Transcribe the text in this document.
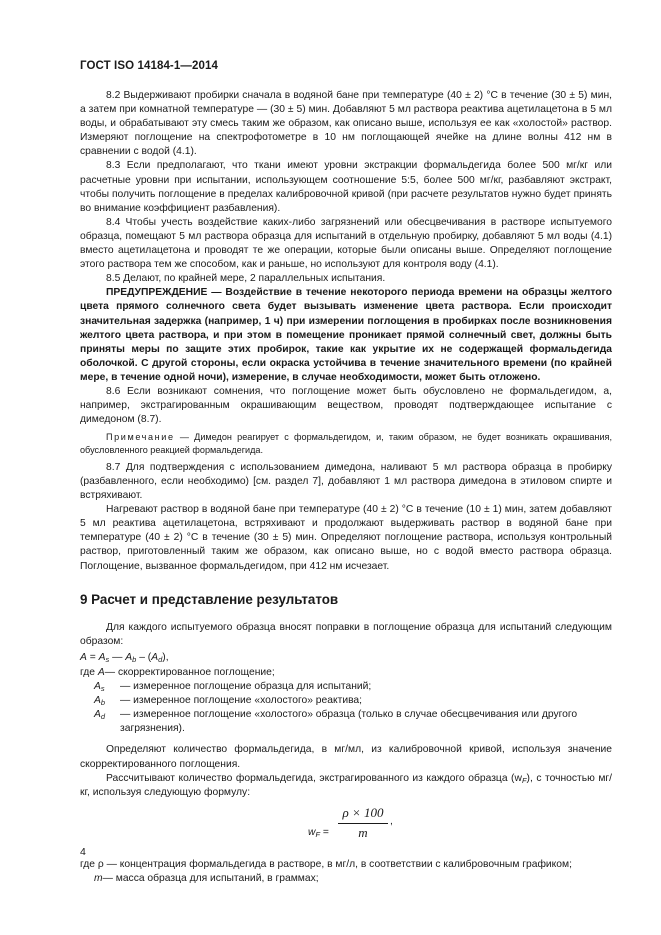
ГОСТ ISO 14184-1—2014

8.2 Выдерживают пробирки сначала в водяной бане при температуре (40 ± 2) °С в течение (30 ± 5) мин, а затем при комнатной температуре — (30 ± 5) мин. Добавляют 5 мл раствора реактива ацетилацетона в 5 мл воды, и обрабатывают эту смесь таким же образом, как описано выше, используя ее как «холостой» раствор. Измеряют поглощение на спектрофотометре в 10 нм поглощающей ячейке на длине волны 412 нм в сравнении с водой (4.1).

8.3 Если предполагают, что ткани имеют уровни экстракции формальдегида более 500 мг/кг или расчетные уровни при испытании, использующем соотношение 5:5, более 500 мг/кг, разбавляют экстракт, чтобы получить поглощение в пределах калибровочной кривой (при расчете результатов нужно будет принять во внимание коэффициент разбавления).

8.4 Чтобы учесть воздействие каких-либо загрязнений или обесцвечивания в растворе испытуемого образца, помещают 5 мл раствора образца для испытаний в отдельную пробирку, добавляют 5 мл воды (4.1) вместо ацетилацетона и проводят те же операции, которые были описаны выше. Определяют поглощение этого раствора тем же способом, как и раньше, но используют для контроля воду (4.1).

8.5 Делают, по крайней мере, 2 параллельных испытания.

ПРЕДУПРЕЖДЕНИЕ — Воздействие в течение некоторого периода времени на образцы желтого цвета прямого солнечного света будет вызывать изменение цвета раствора. Если происходит значительная задержка (например, 1 ч) при измерении поглощения в пробирках после возникновения желтого цвета раствора, и при этом в помещение проникает прямой солнечный свет, должны быть приняты меры по защите этих пробирок, такие как укрытие их не содержащей формальдегида оболочкой. С другой стороны, если окраска устойчива в течение значительного времени (по крайней мере, в течение одной ночи), измерение, в случае необходимости, может быть отложено.

8.6 Если возникают сомнения, что поглощение может быть обусловлено не формальдегидом, а, например, экстрагированным окрашивающим веществом, проводят подтверждающее испытание с димедоном (8.7).

Примечание — Димедон реагирует с формальдегидом, и, таким образом, не будет возникать окрашивания, обусловленного реакцией формальдегида.

8.7 Для подтверждения с использованием димедона, наливают 5 мл раствора образца в пробирку (разбавленного, если необходимо) [см. раздел 7], добавляют 1 мл раствора димедона в этиловом спирте и встряхивают.

Нагревают раствор в водяной бане при температуре (40 ± 2) °С в течение (10 ± 1) мин, затем добавляют 5 мл реактива ацетилацетона, встряхивают и продолжают выдерживать раствор в водяной бане при температуре (40 ± 2) °С в течение (30 ± 5) мин. Определяют поглощение раствора, используя контрольный раствор, приготовленный таким же образом, как описано выше, но с водой вместо раствора образца. Поглощение, вызванное формальдегидом, при 412 нм исчезает.

9 Расчет и представление результатов

Для каждого испытуемого образца вносят поправки в поглощение образца для испытаний следующим образом:

$A = A_s$ — $A_b - (A_d)$,

где
A — скорректированное поглощение;
$A_s$	— измеренное поглощение образца для испытаний;
$A_b$	— измеренное поглощение «холостого» реактива;
$A_d$	— измеренное поглощение «холостого» образца (только в случае обесцвечивания или другого загрязнения).

Определяют количество формальдегида, в мг/мл, из калибровочной кривой, используя значение скорректированного поглощения.

Рассчитывают количество формальдегида, экстрагированного из каждого образца $(w_F)$, с точностью мг/кг, используя следующую формулу:

$w_F$ =
ρ × 100
m
,

где ρ — концентрация формальдегида в растворе, в мг/л, в соответствии с калибровочным графиком;

m — масса образца для испытаний, в граммах;
4
